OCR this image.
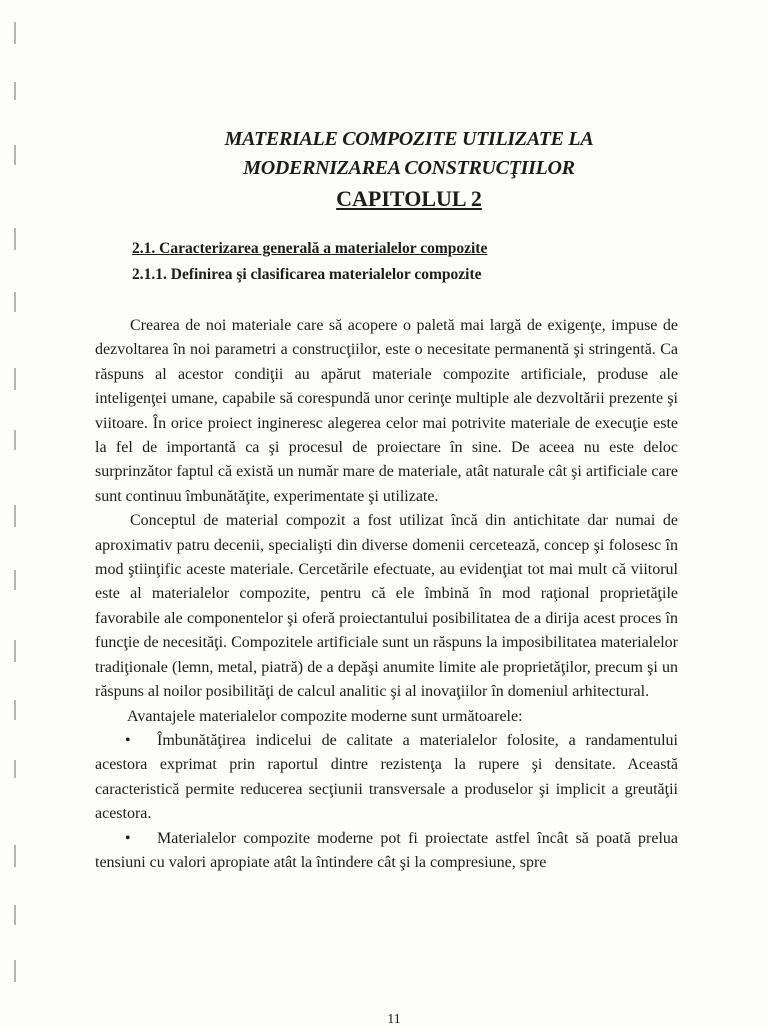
MATERIALE COMPOZITE UTILIZATE LA
MODERNIZAREA CONSTRUCŢIILOR
CAPITOLUL 2
2.1. Caracterizarea generală a materialelor compozite
2.1.1. Definirea şi clasificarea materialelor compozite

Crearea de noi materiale care să acopere o paletă mai largă de exigenţe, impuse de dezvoltarea în noi parametri a construcţiilor, este o necesitate permanentă şi stringentă. Ca răspuns al acestor condiţii au apărut materiale compozite artificiale, produse ale inteligenţei umane, capabile să corespundă unor cerinţe multiple ale dezvoltării prezente şi viitoare. În orice proiect ingineresc alegerea celor mai potrivite materiale de execuţie este la fel de importantă ca şi procesul de proiectare în sine. De aceea nu este deloc surprinzător faptul că există un număr mare de materiale, atât naturale cât şi artificiale care sunt continuu îmbunătăţite, experimentate şi utilizate.

Conceptul de material compozit a fost utilizat încă din antichitate dar numai de aproximativ patru decenii, specialişti din diverse domenii cercetează, concep şi folosesc în mod ştiinţific aceste materiale. Cercetările efectuate, au evidenţiat tot mai mult că viitorul este al materialelor compozite, pentru că ele îmbină în mod raţional proprietăţile favorabile ale componentelor şi oferă proiectantului posibilitatea de a dirija acest proces în funcţie de necesităţi. Compozitele artificiale sunt un răspuns la imposibilitatea materialelor tradiţionale (lemn, metal, piatră) de a depăşi anumite limite ale proprietăţilor, precum şi un răspuns al noilor posibilităţi de calcul analitic şi al inovaţiilor în domeniul arhitectural.

Avantajele materialelor compozite moderne sunt următoarele:

• Îmbunătăţirea indicelui de calitate a materialelor folosite, a randamentului acestora exprimat prin raportul dintre rezistenţa la rupere şi densitate. Această caracteristică permite reducerea secţiunii transversale a produselor şi implicit a greutăţii acestora.
• Materialelor compozite moderne pot fi proiectate astfel încât să poată prelua tensiuni cu valori apropiate atât la întindere cât şi la compresiune, spre
11
